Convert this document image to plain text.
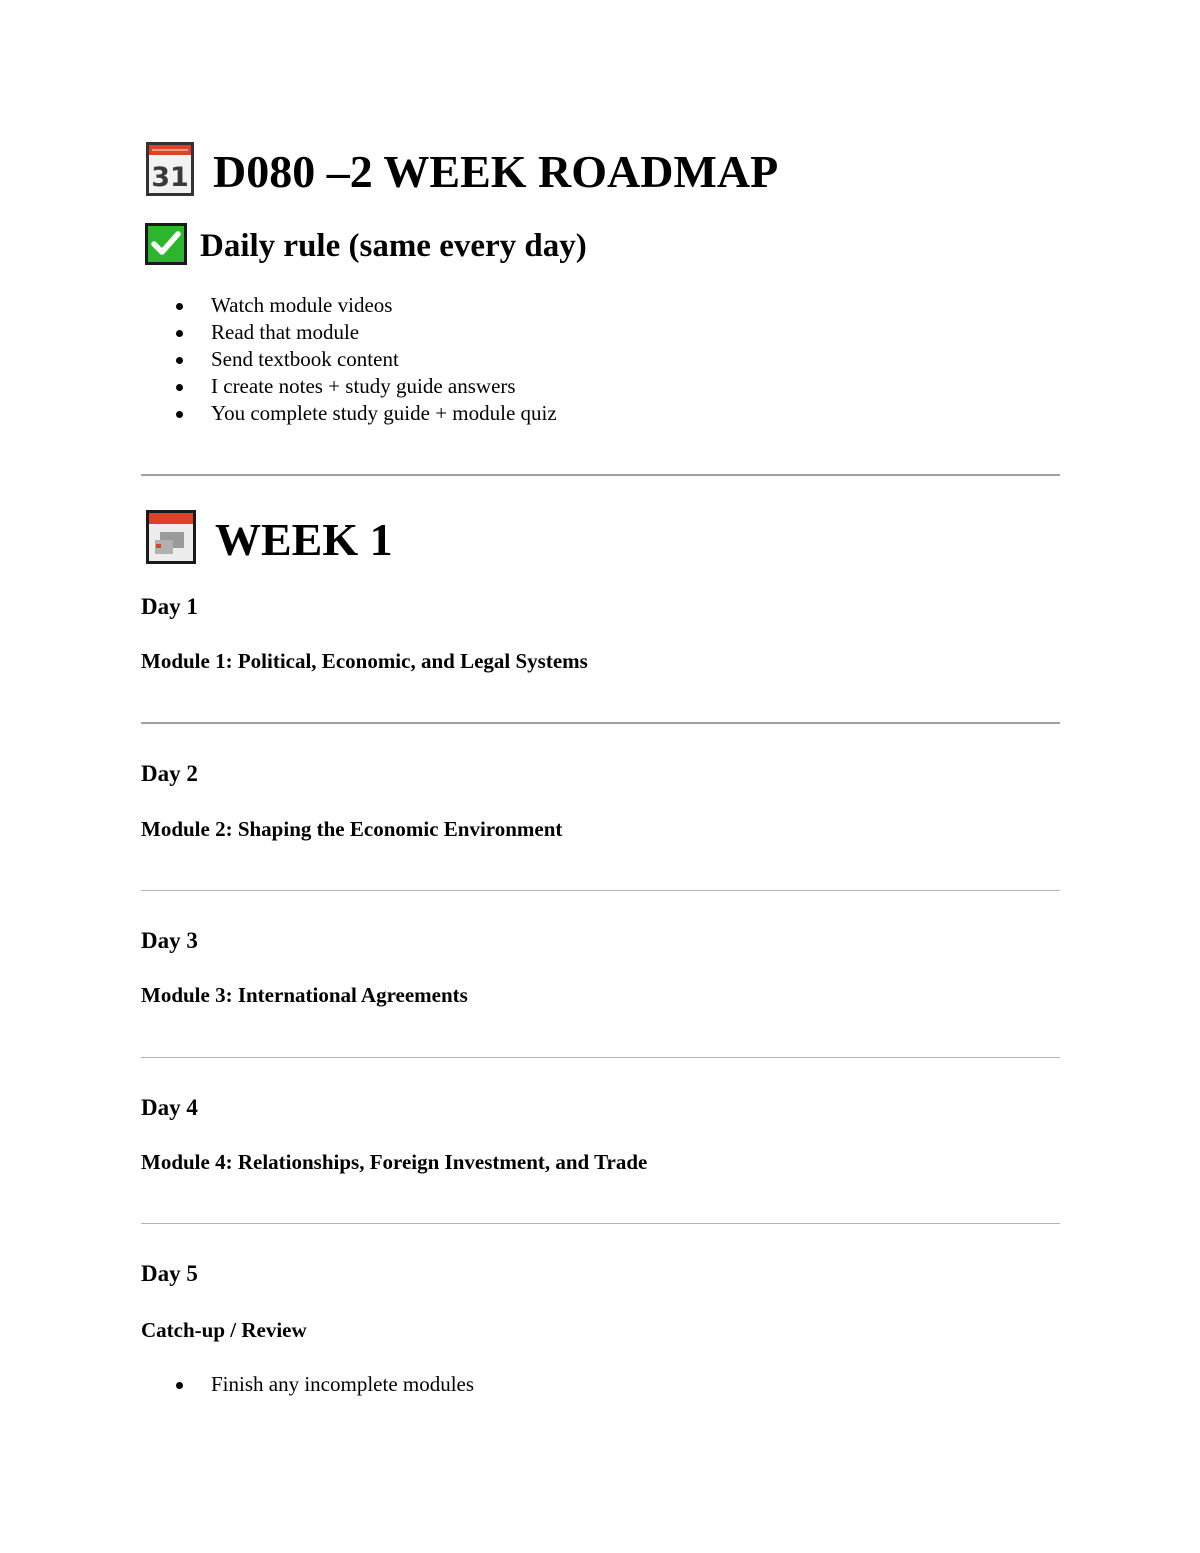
31 D080 –2 WEEK ROADMAP
Daily rule (same every day)
Watch module videos
Read that module
Send textbook content
I create notes + study guide answers
You complete study guide + module quiz
WEEK 1
Day 1
Module 1: Political, Economic, and Legal Systems
Day 2
Module 2: Shaping the Economic Environment
Day 3
Module 3: International Agreements
Day 4
Module 4: Relationships, Foreign Investment, and Trade
Day 5
Catch-up / Review
Finish any incomplete modules
